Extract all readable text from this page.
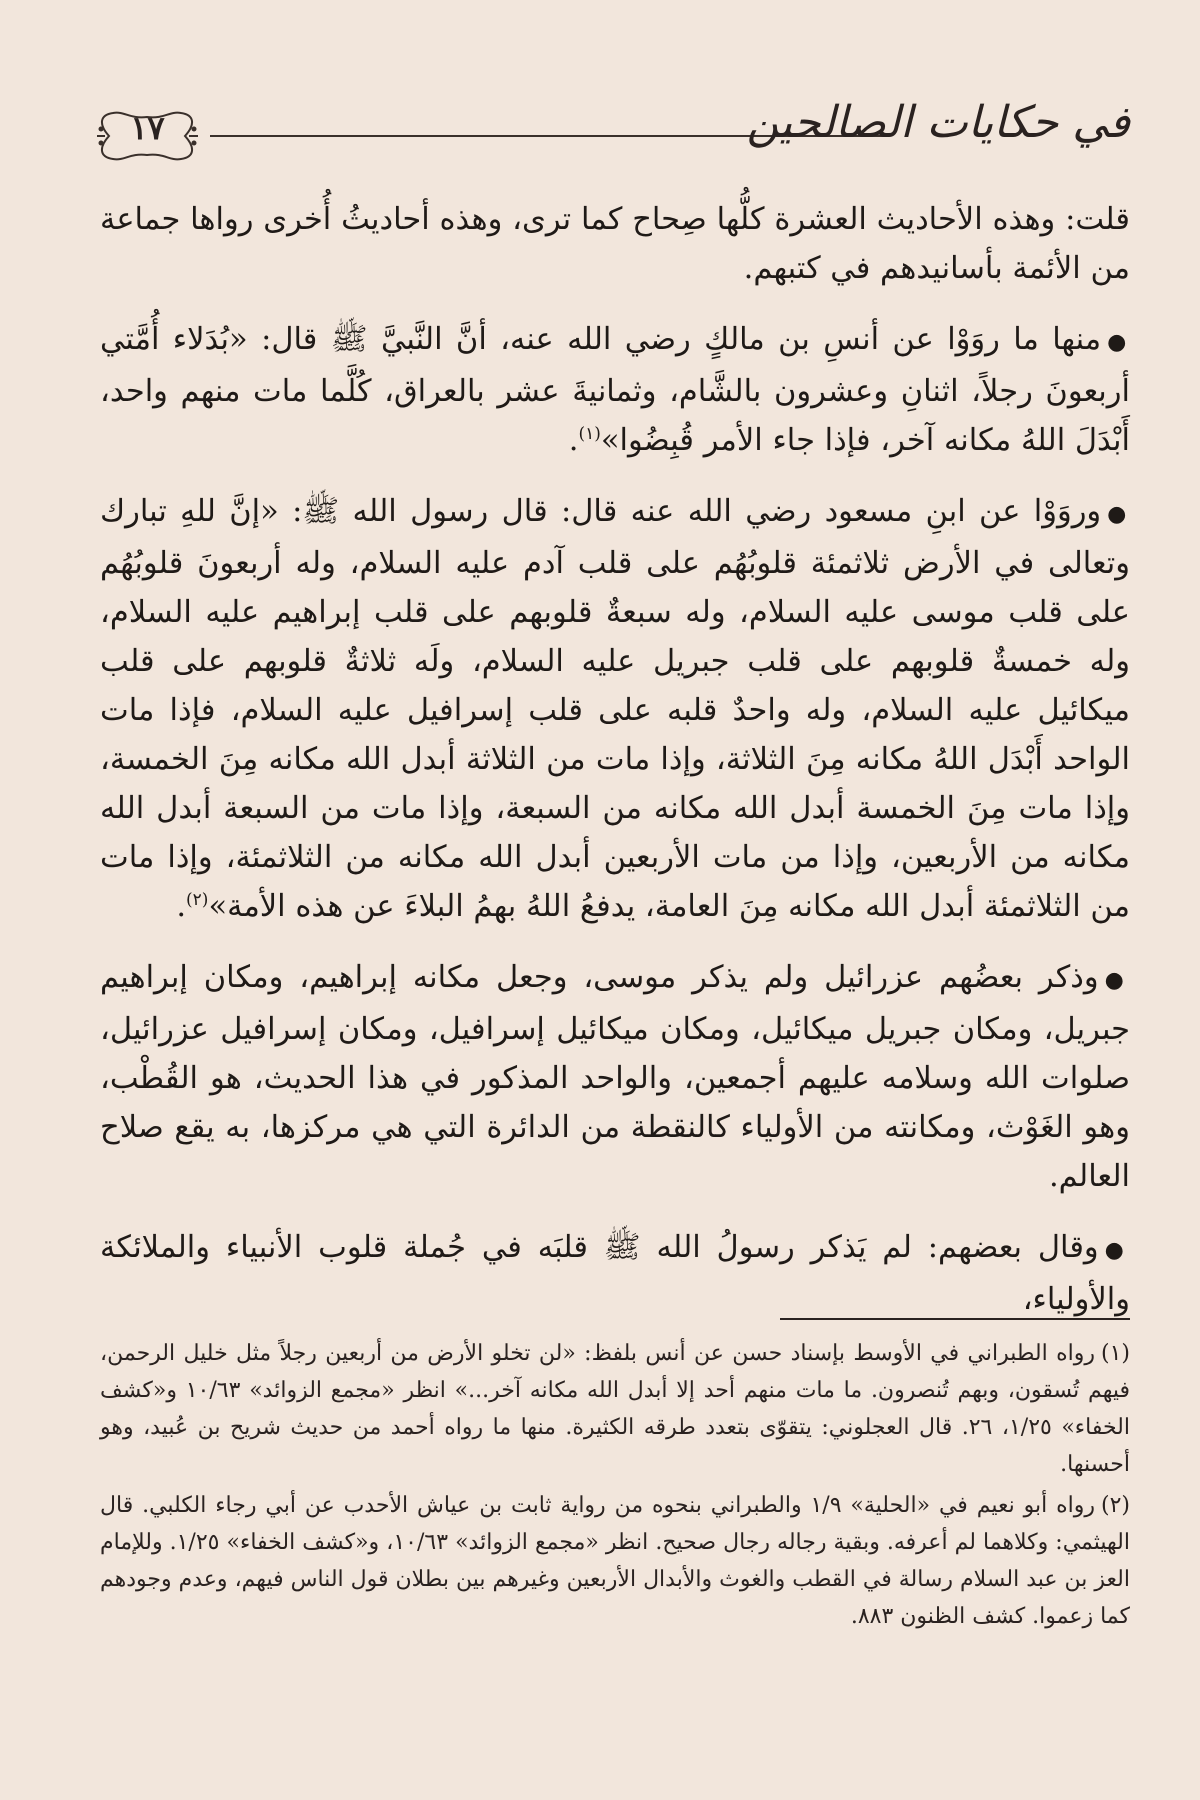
١٧	في حكايات الصالحين

قلت: وهذه الأحاديث العشرة كلُّها صِحاح كما ترى، وهذه أحاديثُ أُخرى رواها جماعة من الأئمة بأسانيدهم في كتبهم.

●منها ما روَوْا عن أنسِ بن مالكٍ رضي الله عنه، أنَّ النَّبيَّ ﷺ قال: «بُدَلاء أُمَّتي أربعونَ رجلاً، اثنانِ وعشرون بالشَّام، وثمانيةَ عشر بالعراق، كُلَّما مات منهم واحد، أَبْدَلَ اللهُ مكانه آخر، فإذا جاء الأمر قُبِضُوا»$^{(١)}$.

●وروَوْا عن ابنِ مسعود رضي الله عنه قال: قال رسول الله ﷺ: «إنَّ للهِ تبارك وتعالى في الأرض ثلاثمئة قلوبُهُم على قلب آدم عليه السلام، وله أربعونَ قلوبُهُم على قلب موسى عليه السلام، وله سبعةٌ قلوبهم على قلب إبراهيم عليه السلام، وله خمسةٌ قلوبهم على قلب جبريل عليه السلام، ولَه ثلاثةٌ قلوبهم على قلب ميكائيل عليه السلام، وله واحدٌ قلبه على قلب إسرافيل عليه السلام، فإذا مات الواحد أَبْدَل اللهُ مكانه مِنَ الثلاثة، وإذا مات من الثلاثة أبدل الله مكانه مِنَ الخمسة، وإذا مات مِنَ الخمسة أبدل الله مكانه من السبعة، وإذا مات من السبعة أبدل الله مكانه من الأربعين، وإذا من مات الأربعين أبدل الله مكانه من الثلاثمئة، وإذا مات من الثلاثمئة أبدل الله مكانه مِنَ العامة، يدفعُ اللهُ بهمُ البلاءَ عن هذه الأمة»$^{(٢)}$.

●وذكر بعضُهم عزرائيل ولم يذكر موسى، وجعل مكانه إبراهيم، ومكان إبراهيم جبريل، ومكان جبريل ميكائيل، ومكان ميكائيل إسرافيل، ومكان إسرافيل عزرائيل، صلوات الله وسلامه عليهم أجمعين، والواحد المذكور في هذا الحديث، هو القُطْب، وهو الغَوْث، ومكانته من الأولياء كالنقطة من الدائرة التي هي مركزها، به يقع صلاح العالم.

●وقال بعضهم: لم يَذكر رسولُ الله ﷺ قلبَه في جُملة قلوب الأنبياء والملائكة والأولياء،

(١)رواه الطبراني في الأوسط بإسناد حسن عن أنس بلفظ: «لن تخلو الأرض من أربعين رجلاً مثل خليل الرحمن، فيهم تُسقون، وبهم تُنصرون. ما مات منهم أحد إلا أبدل الله مكانه آخر...» انظر «مجمع الزوائد» ١٠/٦٣ و«كشف الخفاء» ١/٢٥، ٢٦. قال العجلوني: يتقوّى بتعدد طرقه الكثيرة. منها ما رواه أحمد من حديث شريح بن عُبيد، وهو أحسنها.

(٢)رواه أبو نعيم في «الحلية» ١/٩ والطبراني بنحوه من رواية ثابت بن عياش الأحدب عن أبي رجاء الكلبي. قال الهيثمي: وكلاهما لم أعرفه. وبقية رجاله رجال صحيح. انظر «مجمع الزوائد» ١٠/٦٣، و«كشف الخفاء» ١/٢٥. وللإمام العز بن عبد السلام رسالة في القطب والغوث والأبدال الأربعين وغيرهم بين بطلان قول الناس فيهم، وعدم وجودهم كما زعموا. كشف الظنون ٨٨٣.
